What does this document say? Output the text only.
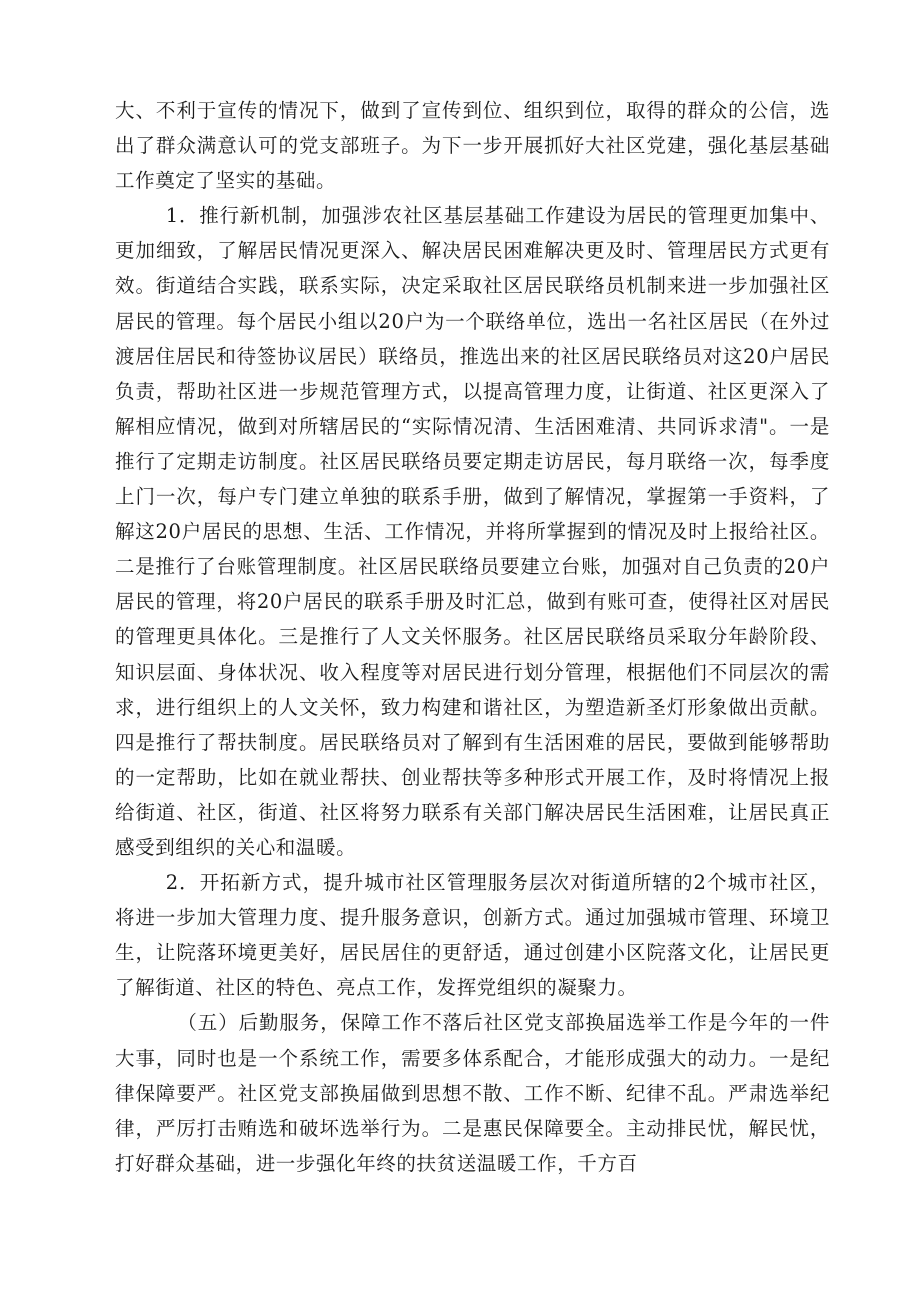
大、不利于宣传的情况下，做到了宣传到位、组织到位，取得的群众的公信，选出了群众满意认可的党支部班子。为下一步开展抓好大社区党建，强化基层基础工作奠定了坚实的基础。

1．推行新机制，加强涉农社区基层基础工作建设为居民的管理更加集中、更加细致，了解居民情况更深入、解决居民困难解决更及时、管理居民方式更有效。街道结合实践，联系实际，决定采取社区居民联络员机制来进一步加强社区居民的管理。每个居民小组以20户为一个联络单位，选出一名社区居民（在外过渡居住居民和待签协议居民）联络员，推选出来的社区居民联络员对这20户居民负责，帮助社区进一步规范管理方式，以提高管理力度，让街道、社区更深入了解相应情况，做到对所辖居民的“实际情况清、生活困难清、共同诉求清"。一是推行了定期走访制度。社区居民联络员要定期走访居民，每月联络一次，每季度上门一次，每户专门建立单独的联系手册，做到了解情况，掌握第一手资料，了解这20户居民的思想、生活、工作情况，并将所掌握到的情况及时上报给社区。二是推行了台账管理制度。社区居民联络员要建立台账，加强对自己负责的20户居民的管理，将20户居民的联系手册及时汇总，做到有账可查，使得社区对居民的管理更具体化。三是推行了人文关怀服务。社区居民联络员采取分年龄阶段、知识层面、身体状况、收入程度等对居民进行划分管理，根据他们不同层次的需求，进行组织上的人文关怀，致力构建和谐社区，为塑造新圣灯形象做出贡献。四是推行了帮扶制度。居民联络员对了解到有生活困难的居民，要做到能够帮助的一定帮助，比如在就业帮扶、创业帮扶等多种形式开展工作，及时将情况上报给街道、社区，街道、社区将努力联系有关部门解决居民生活困难，让居民真正感受到组织的关心和温暖。

2．开拓新方式，提升城市社区管理服务层次对街道所辖的2个城市社区，将进一步加大管理力度、提升服务意识，创新方式。通过加强城市管理、环境卫生，让院落环境更美好，居民居住的更舒适，通过创建小区院落文化，让居民更了解街道、社区的特色、亮点工作，发挥党组织的凝聚力。

（五）后勤服务，保障工作不落后社区党支部换届选举工作是今年的一件大事，同时也是一个系统工作，需要多体系配合，才能形成强大的动力。一是纪律保障要严。社区党支部换届做到思想不散、工作不断、纪律不乱。严肃选举纪律，严厉打击贿选和破坏选举行为。二是惠民保障要全。主动排民忧，解民忧，打好群众基础，进一步强化年终的扶贫送温暖工作，千方百
